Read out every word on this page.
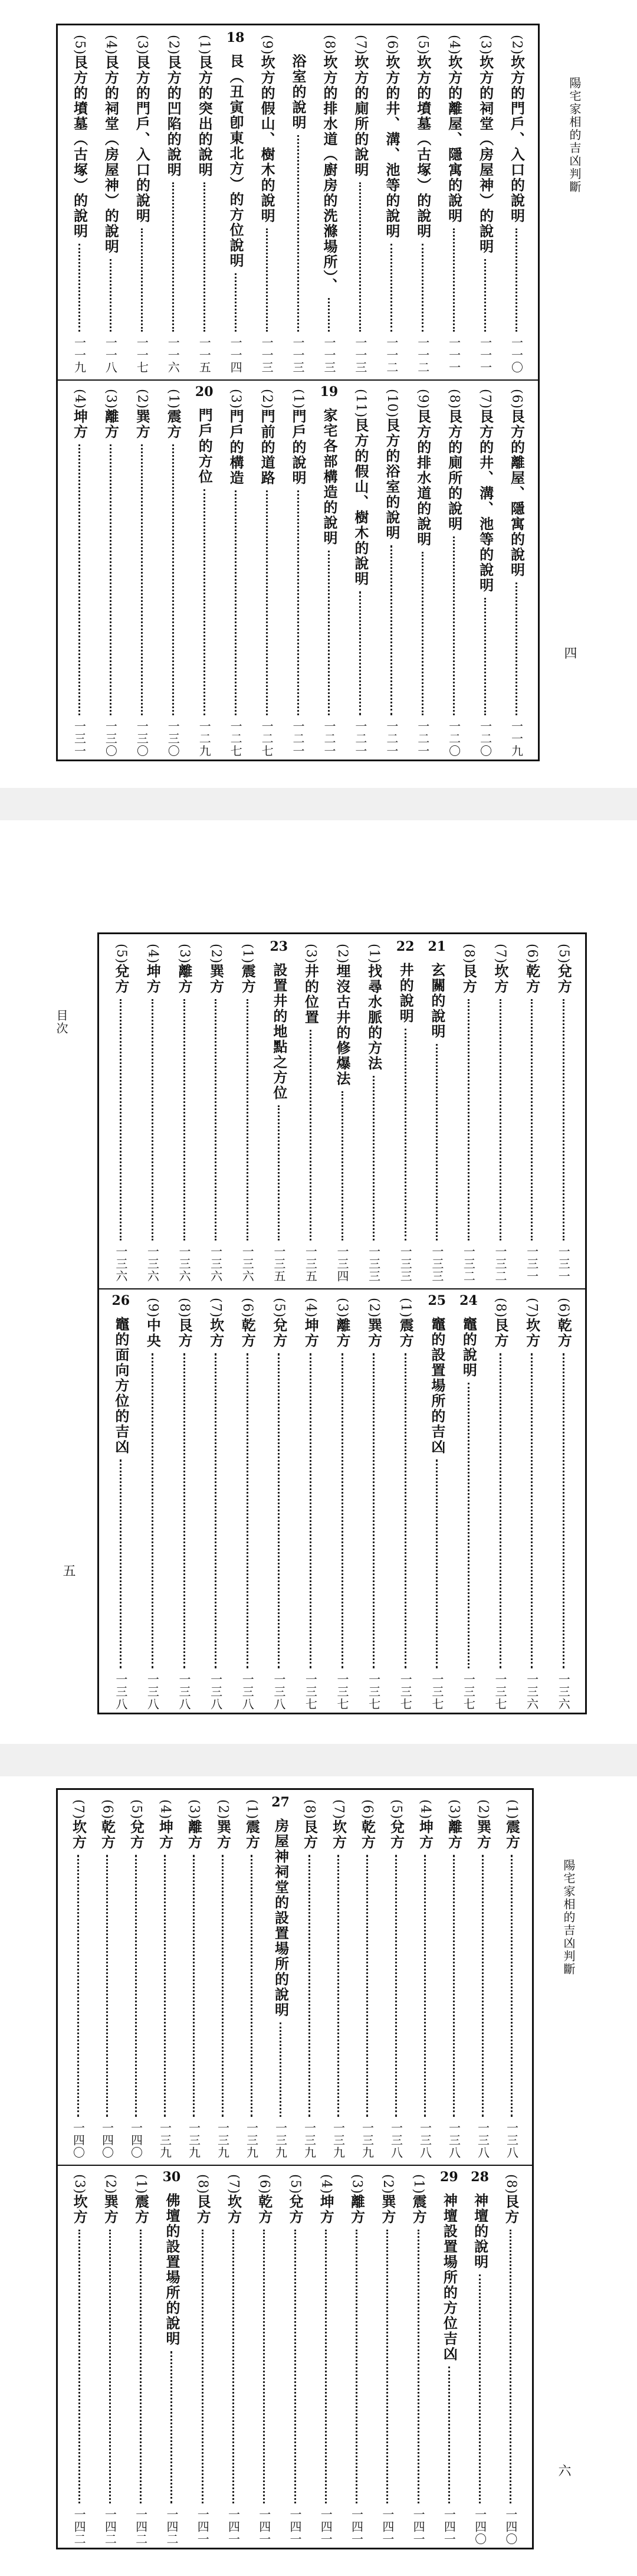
(2)
坎方的門戶、入口的說明
一一〇
(3)
坎方的祠堂（房屋神）的說明
一一一
(4)
坎方的離屋、隱寓的說明
一一一
(5)
坎方的墳墓（古塚）的說明
一一二
(6)
坎方的井、溝、池等的說明
一一二
(7)
坎方的廁所的說明
一一三
(8)
坎方的排水道（廚房的洗滌場所）、
一一三
浴室的說明
一一三
(9)
坎方的假山、樹木的說明
一一三
18
艮（丑寅卽東北方）的方位說明
一一四
(1)
艮方的突出的說明
一一五
(2)
艮方的凹陷的說明
一一六
(3)
艮方的門戶、入口的說明
一一七
(4)
艮方的祠堂（房屋神）的說明
一一八
(5)
艮方的墳墓（古塚）的說明
一一九
(6)
艮方的離屋、隱寓的說明
一一九
(7)
艮方的井、溝、池等的說明
一二〇
(8)
艮方的廁所的說明
一二〇
(9)
艮方的排水道的說明
一二一
(10)
艮方的浴室的說明
一二一
(11)
艮方的假山、樹木的說明
一二一
19
家宅各部構造的說明
一二一
(1)
門戶的說明
一二一
(2)
門前的道路
一二七
(3)
門戶的構造
一二七
20
門戶的方位
一二九
(1)
震方
一三〇
(2)
巽方
一三〇
(3)
離方
一三〇
(4)
坤方
一三一
陽宅家相的吉凶判斷
四
(5)
兌方
一三一
(6)
乾方
一三一
(7)
坎方
一三二
(8)
艮方
一三二
21
玄關的說明
一三三
22
井的說明
一三三
(1)
找尋水脈的方法
一三三
(2)
埋沒古井的修爆法
一三四
(3)
井的位置
一三五
23
設置井的地點之方位
一三五
(1)
震方
一三六
(2)
巽方
一三六
(3)
離方
一三六
(4)
坤方
一三六
(5)
兌方
一三六
(6)
乾方
一三六
(7)
坎方
一三六
(8)
艮方
一三七
24
竈的說明
一三七
25
竈的設置場所的吉凶
一三七
(1)
震方
一三七
(2)
巽方
一三七
(3)
離方
一三七
(4)
坤方
一三七
(5)
兌方
一三八
(6)
乾方
一三八
(7)
坎方
一三八
(8)
艮方
一三八
(9)
中央
一三八
26
竈的面向方位的吉凶
一三八
目次
五
(1)
震方
一三八
(2)
巽方
一三八
(3)
離方
一三八
(4)
坤方
一三八
(5)
兌方
一三八
(6)
乾方
一三九
(7)
坎方
一三九
(8)
艮方
一三九
27
房屋神祠堂的設置場所的說明
一三九
(1)
震方
一三九
(2)
巽方
一三九
(3)
離方
一三九
(4)
坤方
一三九
(5)
兌方
一四〇
(6)
乾方
一四〇
(7)
坎方
一四〇
(8)
艮方
一四〇
28
神壇的說明
一四〇
29
神壇設置場所的方位吉凶
一四一
(1)
震方
一四一
(2)
巽方
一四一
(3)
離方
一四一
(4)
坤方
一四一
(5)
兌方
一四一
(6)
乾方
一四一
(7)
坎方
一四一
(8)
艮方
一四一
30
佛壇的設置場所的說明
一四二
(1)
震方
一四二
(2)
巽方
一四二
(3)
坎方
一四二
陽宅家相的吉凶判斷
六
